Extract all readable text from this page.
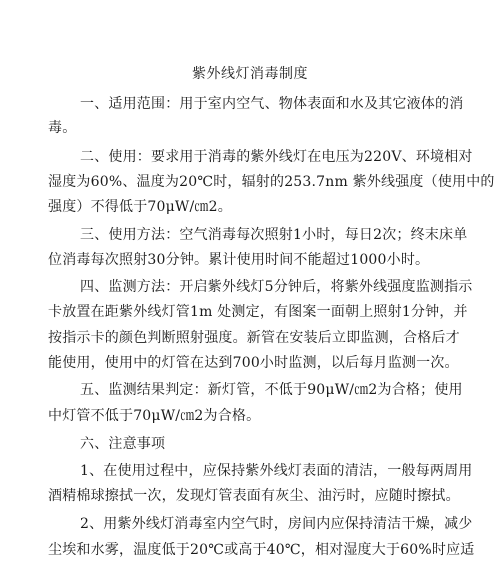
紫外线灯消毒制度
一、适用范围：用于室内空气、物体表面和水及其它液体的消
毒。
二、使用：要求用于消毒的紫外线灯在电压为220V、环境相对
湿度为60%、温度为20℃时，辐射的253.7nm 紫外线强度（使用中的
强度）不得低于70μW/㎝2。
三、使用方法：空气消毒每次照射1小时，每日2次；终末床单
位消毒每次照射30分钟。累计使用时间不能超过1000小时。
四、监测方法：开启紫外线灯5分钟后，将紫外线强度监测指示
卡放置在距紫外线灯管1m 处测定，有图案一面朝上照射1分钟，并
按指示卡的颜色判断照射强度。新管在安装后立即监测，合格后才
能使用，使用中的灯管在达到700小时监测，以后每月监测一次。
五、监测结果判定：新灯管，不低于90μW/㎝2为合格；使用
中灯管不低于70μW/㎝2为合格。
六、注意事项
1、在使用过程中，应保持紫外线灯表面的清洁，一般每两周用
酒精棉球擦拭一次，发现灯管表面有灰尘、油污时，应随时擦拭。
2、用紫外线灯消毒室内空气时，房间内应保持清洁干燥，减少
尘埃和水雾，温度低于20℃或高于40℃，相对湿度大于60%时应适
